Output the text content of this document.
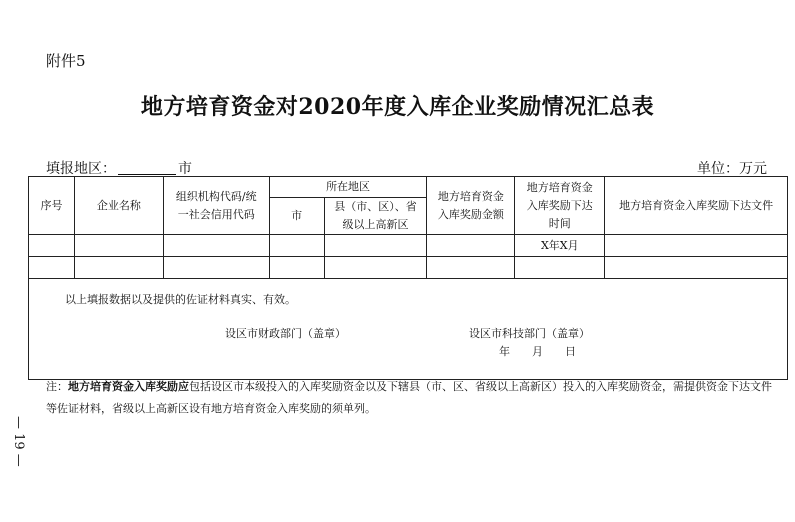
附件5
地方培育资金对2020年度入库企业奖励情况汇总表
填报地区：	市	单位：万元
序号	企业名称	组织机构代码/统一社会信用代码	所在地区		地方培育资金入库奖励金额	地方培育资金入库奖励下达时间	地方培育资金入库奖励下达文件
			市	县（市、区）、省级以上高新区			
						X年X月	

以上填报数据以及提供的佐证材料真实、有效。
设区市财政部门（盖章） 设区市科技部门（盖章）
年　　月　　日							
注：地方培育资金入库奖励应包括设区市本级投入的入库奖励资金以及下辖县（市、区、省级以上高新区）投入的入库奖励资金，需提供资金下达文件等佐证材料，省级以上高新区设有地方培育资金入库奖励的须单列。
— 19 —
